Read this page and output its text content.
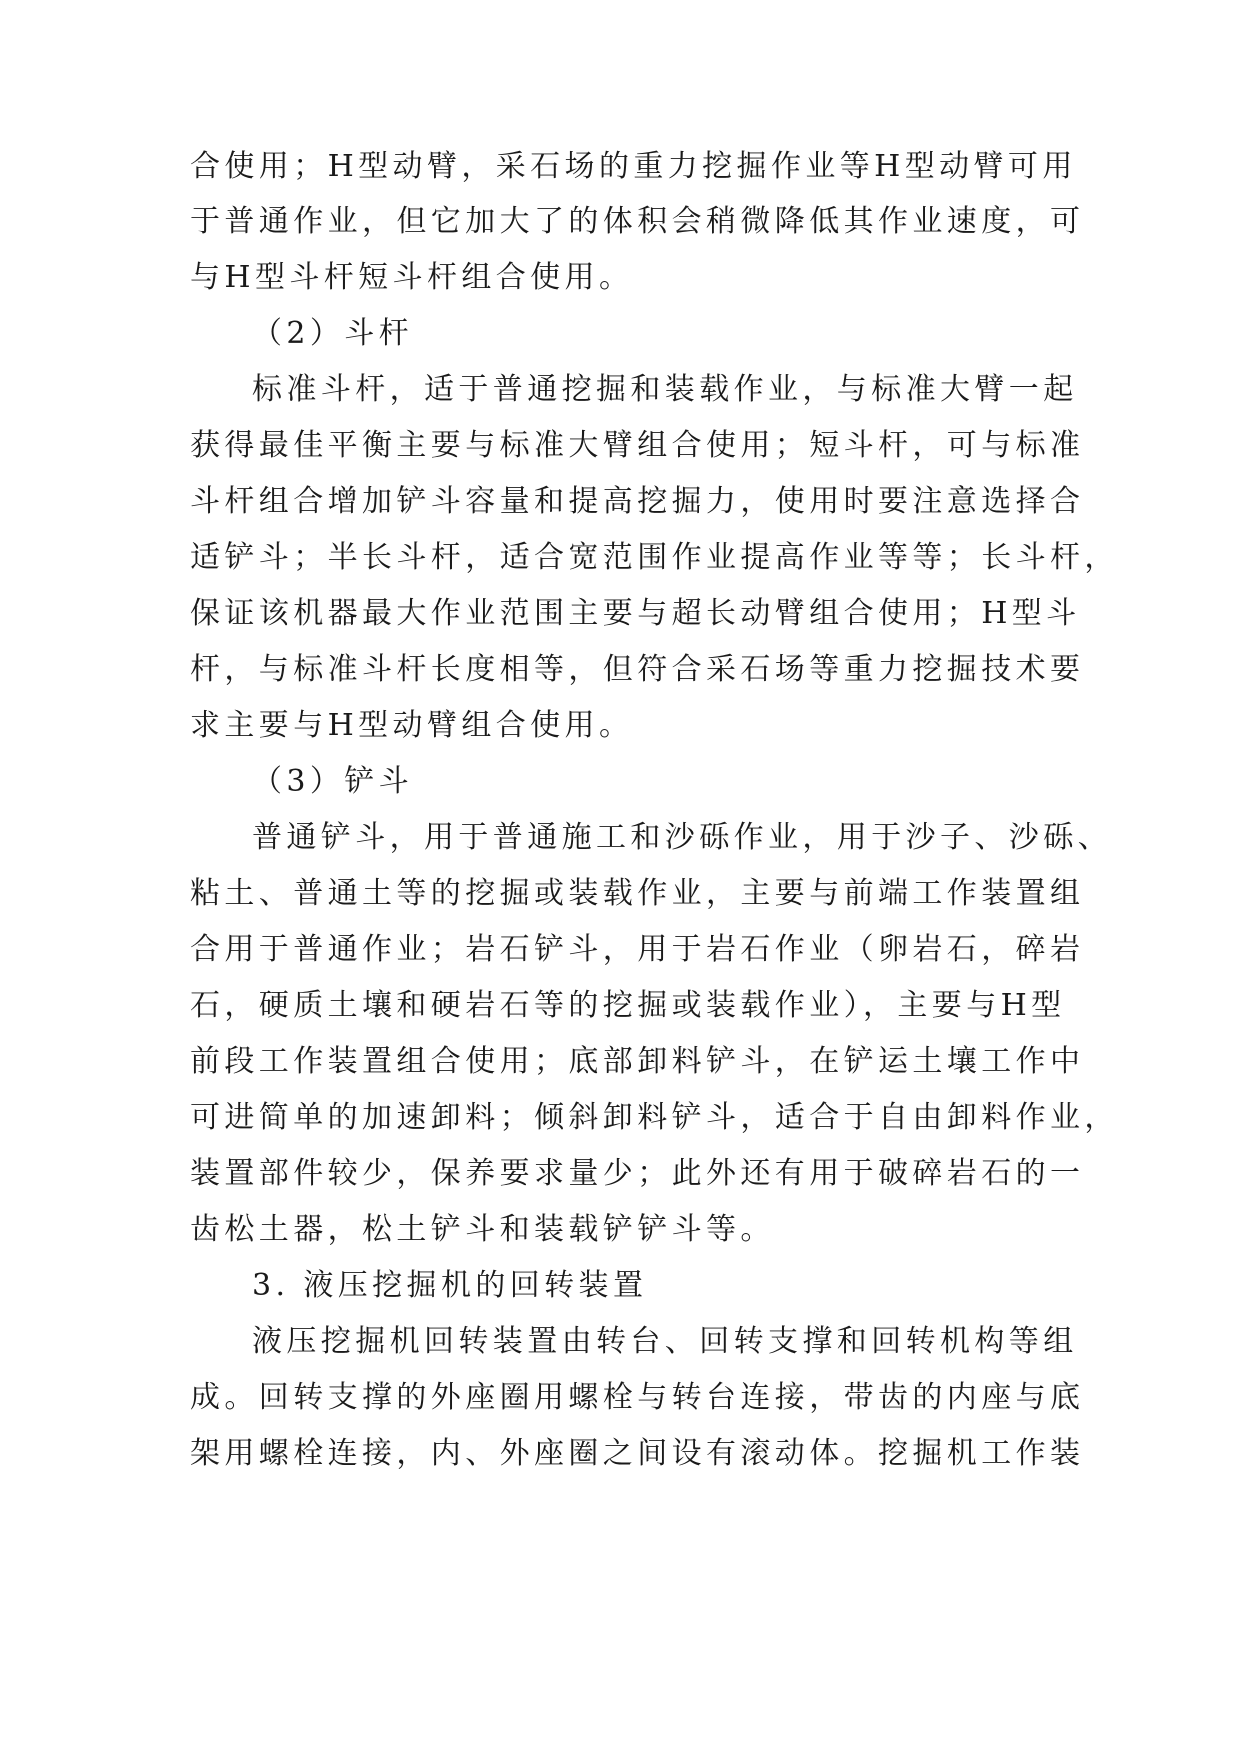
合使用；H型动臂，采石场的重力挖掘作业等H型动臂可用
于普通作业，但它加大了的体积会稍微降低其作业速度，可
与H型斗杆短斗杆组合使用。
（2）斗杆
标准斗杆，适于普通挖掘和装载作业，与标准大臂一起
获得最佳平衡主要与标准大臂组合使用；短斗杆，可与标准
斗杆组合增加铲斗容量和提高挖掘力，使用时要注意选择合
适铲斗；半长斗杆，适合宽范围作业提高作业等等；长斗杆，
保证该机器最大作业范围主要与超长动臂组合使用；H型斗
杆，与标准斗杆长度相等，但符合采石场等重力挖掘技术要
求主要与H型动臂组合使用。
（3）铲斗
普通铲斗，用于普通施工和沙砾作业，用于沙子、沙砾、
粘土、普通土等的挖掘或装载作业，主要与前端工作装置组
合用于普通作业；岩石铲斗，用于岩石作业（卵岩石，碎岩
石，硬质土壤和硬岩石等的挖掘或装载作业），主要与H型
前段工作装置组合使用；底部卸料铲斗，在铲运土壤工作中
可进简单的加速卸料；倾斜卸料铲斗，适合于自由卸料作业，
装置部件较少，保养要求量少；此外还有用于破碎岩石的一
齿松土器，松土铲斗和装载铲铲斗等。
3. 液压挖掘机的回转装置
液压挖掘机回转装置由转台、回转支撑和回转机构等组
成。回转支撑的外座圈用螺栓与转台连接，带齿的内座与底
架用螺栓连接，内、外座圈之间设有滚动体。挖掘机工作装
